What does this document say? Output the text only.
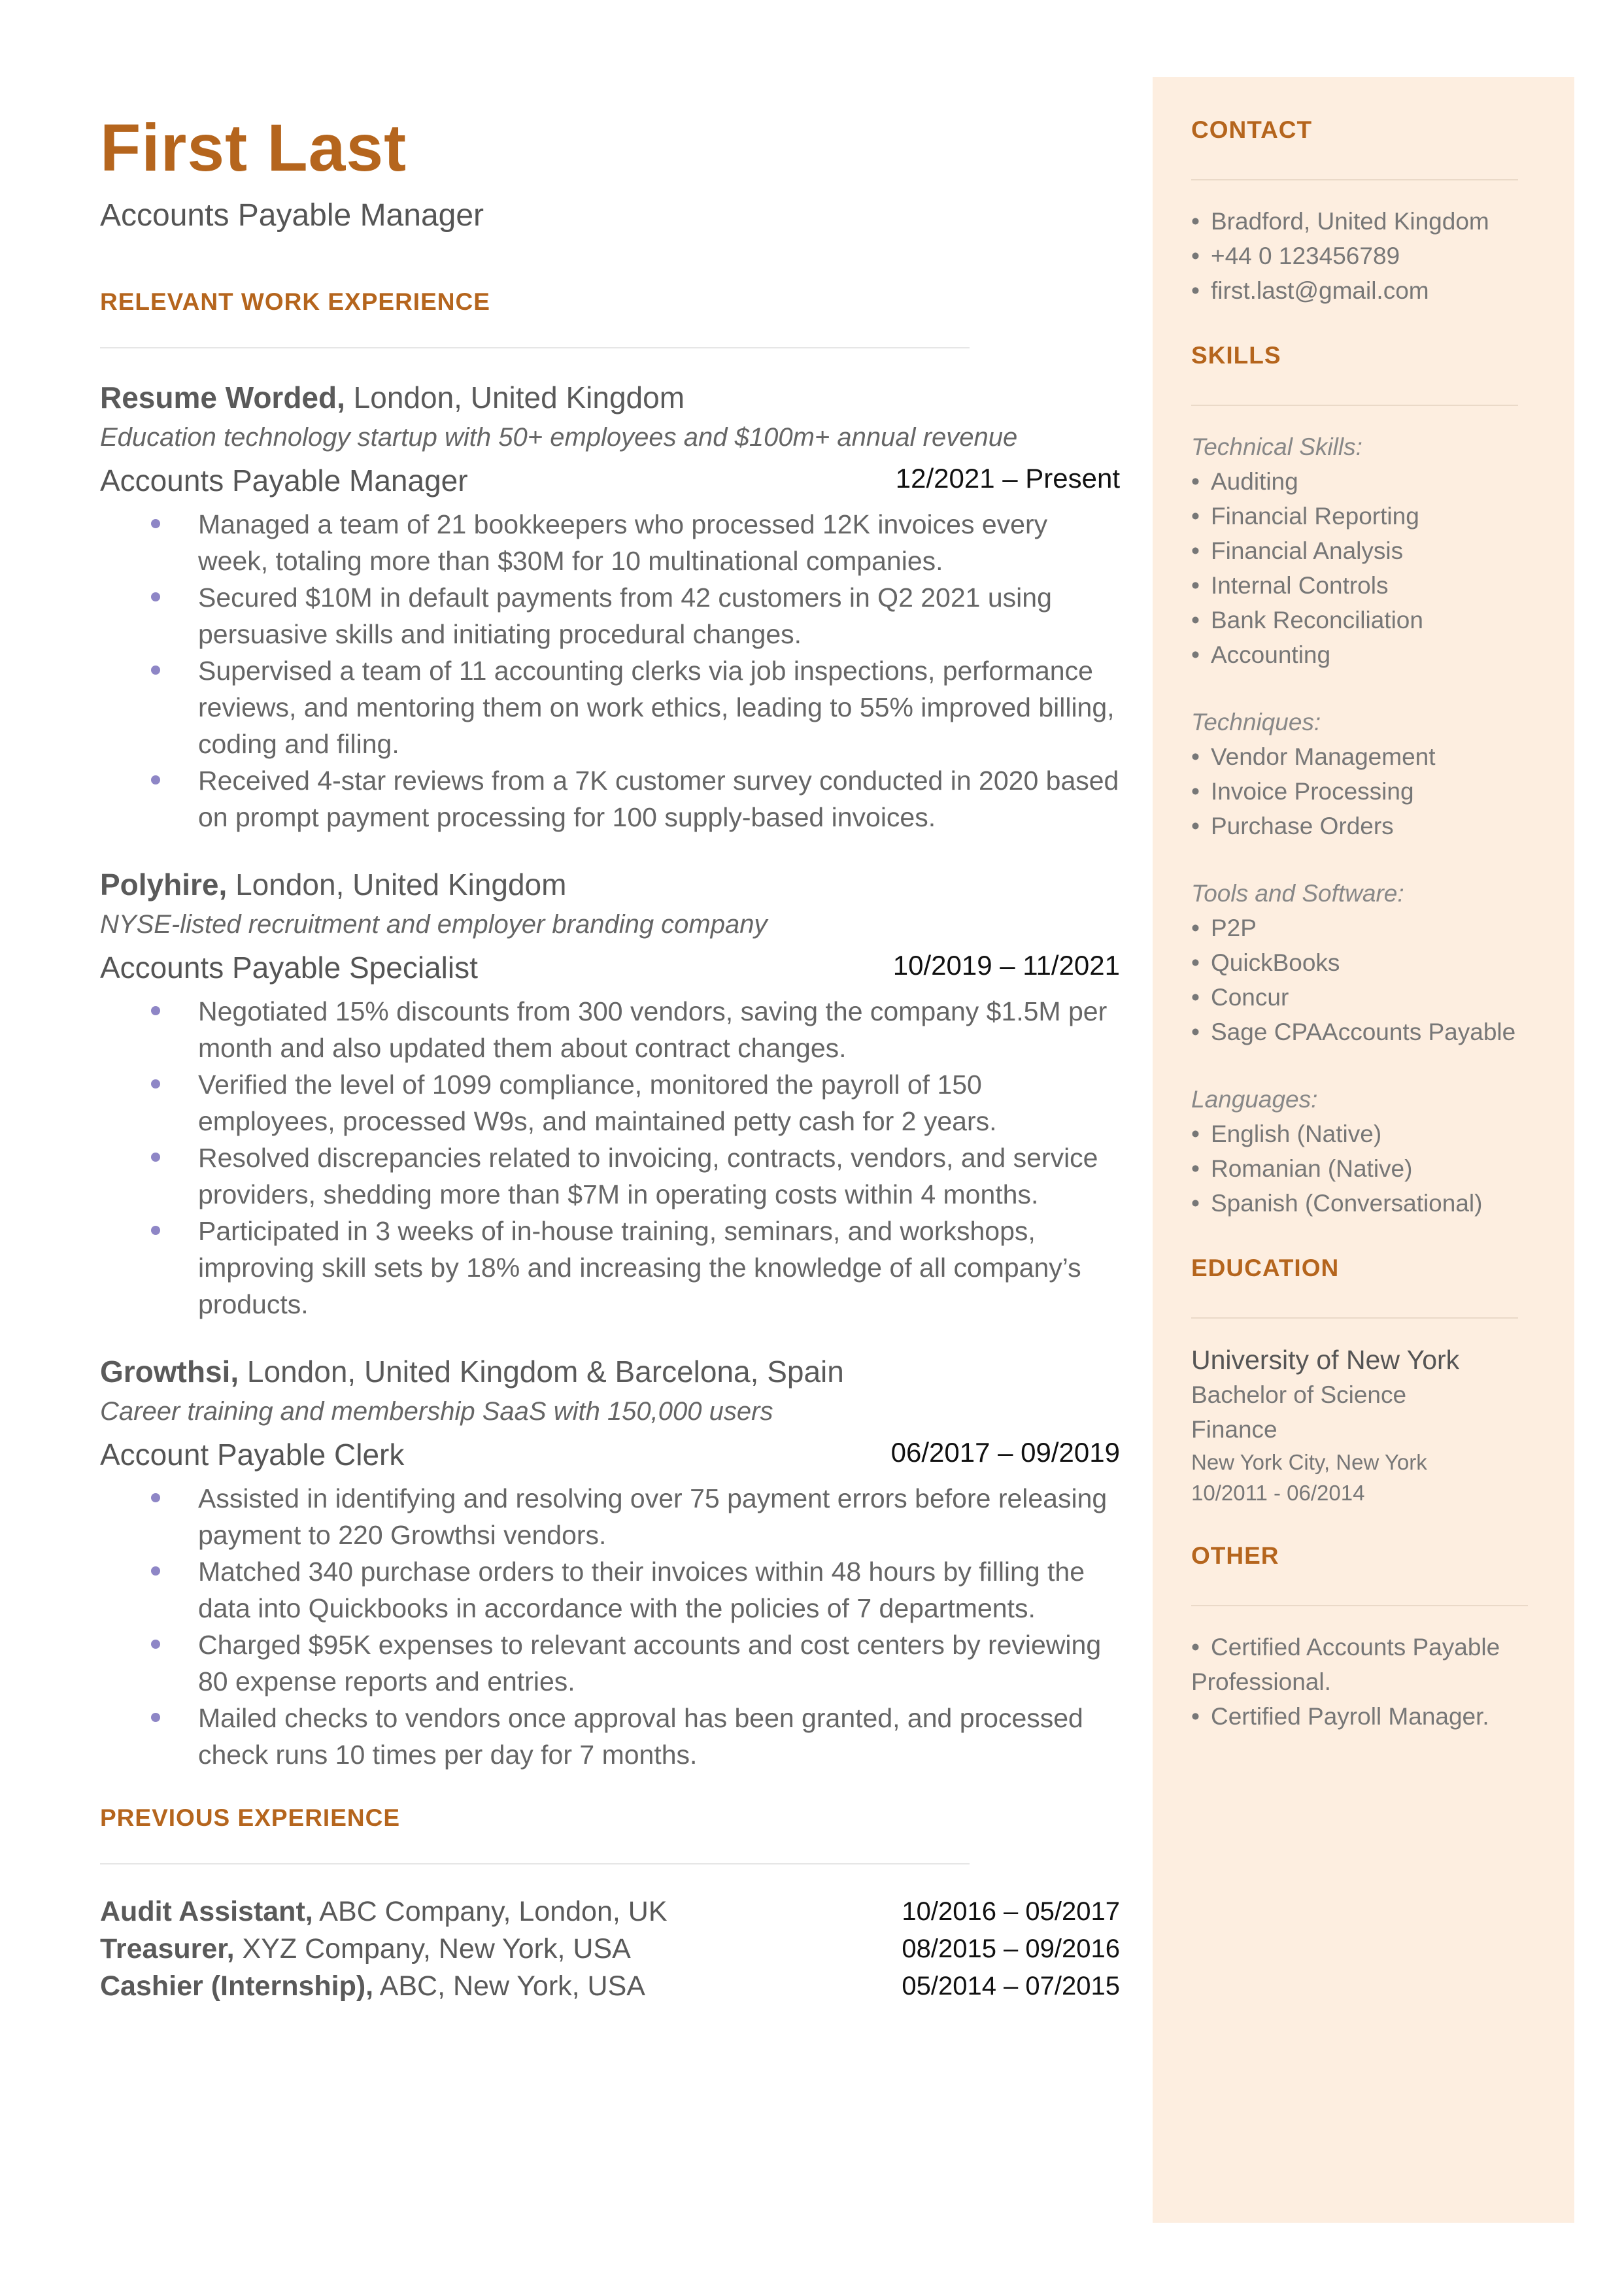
First Last
Accounts Payable Manager
RELEVANT WORK EXPERIENCE
Resume Worded, London, United Kingdom
Education technology startup with 50+ employees and $100m+ annual revenue
Accounts Payable Manager	12/2021 – Present
Managed a team of 21 bookkeepers who processed 12K invoices every week, totaling more than $30M for 10 multinational companies.
Secured $10M in default payments from 42 customers in Q2 2021 using persuasive skills and initiating procedural changes.
Supervised a team of 11 accounting clerks via job inspections, performance reviews, and mentoring them on work ethics, leading to 55% improved billing, coding and filing.
Received 4-star reviews from a 7K customer survey conducted in 2020 based on prompt payment processing for 100 supply-based invoices.
Polyhire, London, United Kingdom
NYSE-listed recruitment and employer branding company
Accounts Payable Specialist	10/2019 – 11/2021
Negotiated 15% discounts from 300 vendors, saving the company $1.5M per month and also updated them about contract changes.
Verified the level of 1099 compliance, monitored the payroll of 150 employees, processed W9s, and maintained petty cash for 2 years.
Resolved discrepancies related to invoicing, contracts, vendors, and service providers, shedding more than $7M in operating costs within 4 months.
Participated in 3 weeks of in-house training, seminars, and workshops, improving skill sets by 18% and increasing the knowledge of all company’s products.
Growthsi, London, United Kingdom & Barcelona, Spain
Career training and membership SaaS with 150,000 users
Account Payable Clerk	06/2017 – 09/2019
Assisted in identifying and resolving over 75 payment errors before releasing payment to 220 Growthsi vendors.
Matched 340 purchase orders to their invoices within 48 hours by filling the data into Quickbooks in accordance with the policies of 7 departments.
Charged $95K expenses to relevant accounts and cost centers by reviewing 80 expense reports and entries.
Mailed checks to vendors once approval has been granted, and processed check runs 10 times per day for 7 months.
PREVIOUS EXPERIENCE
Audit Assistant, ABC Company, London, UK	10/2016 – 05/2017
Treasurer, XYZ Company, New York, USA	08/2015 – 09/2016
Cashier (Internship), ABC, New York, USA	05/2014 – 07/2015
CONTACT
• Bradford, United Kingdom
• +44 0 123456789
• first.last@gmail.com
SKILLS
Technical Skills:
• Auditing
• Financial Reporting
• Financial Analysis
• Internal Controls
• Bank Reconciliation
• Accounting
Techniques:
• Vendor Management
• Invoice Processing
• Purchase Orders
Tools and Software:
• P2P
• QuickBooks
• Concur
• Sage CPAAccounts Payable
Languages:
• English (Native)
• Romanian (Native)
• Spanish (Conversational)
EDUCATION
University of New York
Bachelor of Science
Finance
New York City, New York
10/2011 - 06/2014
OTHER
• Certified Accounts Payable Professional.
• Certified Payroll Manager.
